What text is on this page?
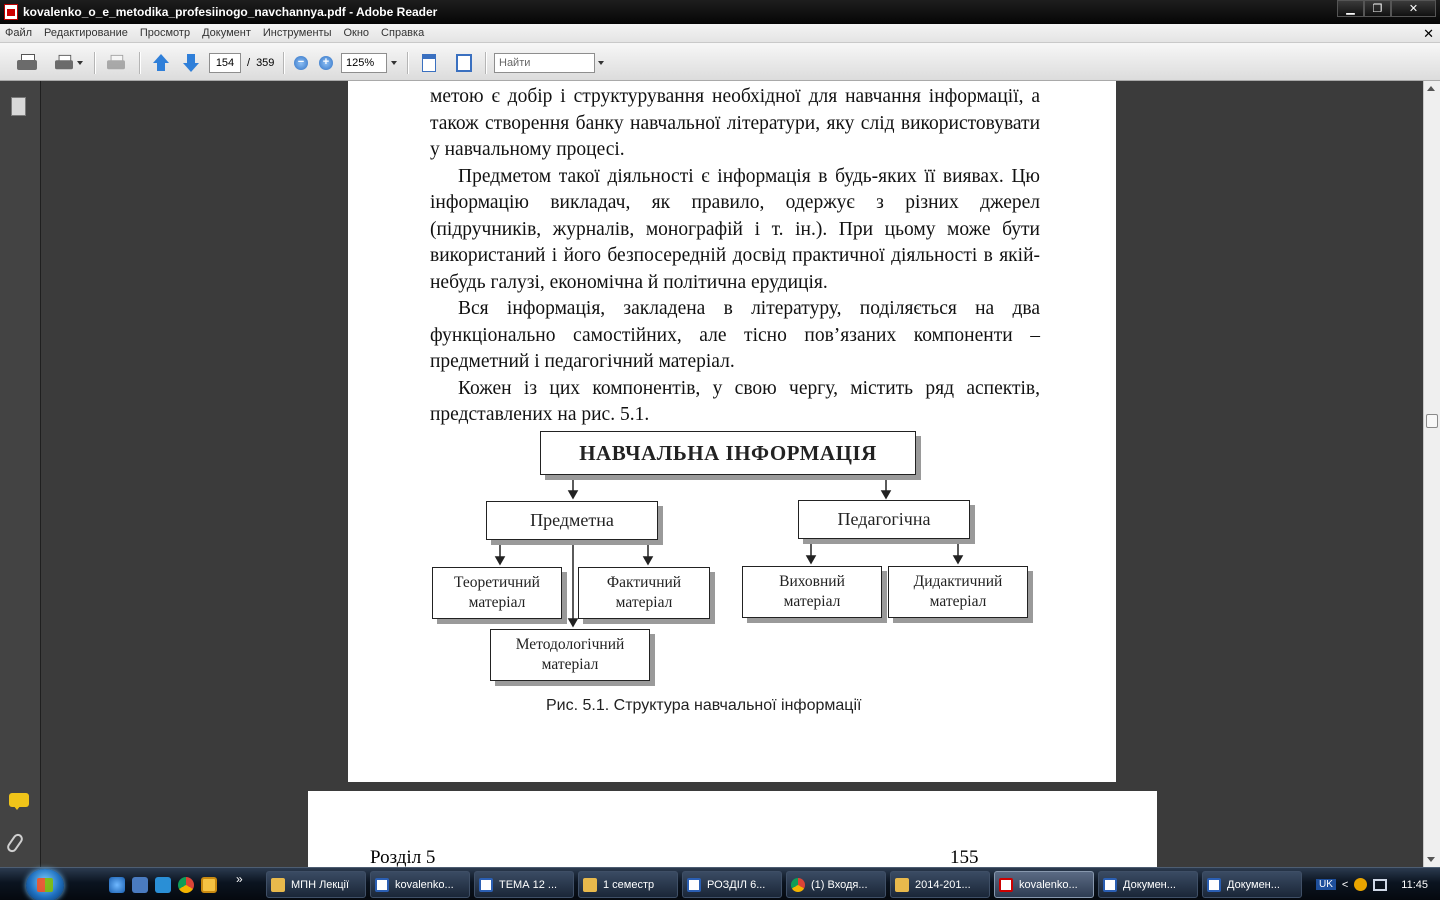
kovalenko_o_e_metodika_profesiinogo_navchannya.pdf - Adobe Reader	▁	❐	✕
Файл Редактирование Просмотр Документ Инструменты Окно Справка	✕
154	/ 359	−	+	125%	Найти

метою є добір і структурування необхідної для навчання інформації, а також створення банку навчальної літератури, яку слід використовувати у навчальному процесі.

Предметом такої діяльності є інформація в будь-яких її виявах. Цю інформацію викладач, як правило, одержує з різних джерел (підручників, журналів, монографій і т. ін.). При цьому може бути використаний і його безпосередній досвід практичної діяльності в якій-небудь галузі, економічна й політична ерудиція.

Вся інформація, закладена в літературу, поділяється на два функціонально самостійних, але тісно пов’язаних компоненти – предметний і педагогічний матеріал.

Кожен із цих компонентів, у свою чергу, містить ряд аспектів, представлених на рис. 5.1.

НАВЧАЛЬНА ІНФОРМАЦІЯ
Предметна	Педагогічна
Теоретичний
матеріал
Фактичний
матеріал
Методологічний
матеріал
Виховний
матеріал
Дидактичний
матеріал
Рис. 5.1. Структура навчальної інформації
Розділ 5	155
»	МПН Лекції	kovalenko...	ТЕМА 12 ...	1 семестр	РОЗДІЛ 6...	(1) Входя...	2014-201...	kovalenko...	Докумен...	Докумен...	UK <	11:45
